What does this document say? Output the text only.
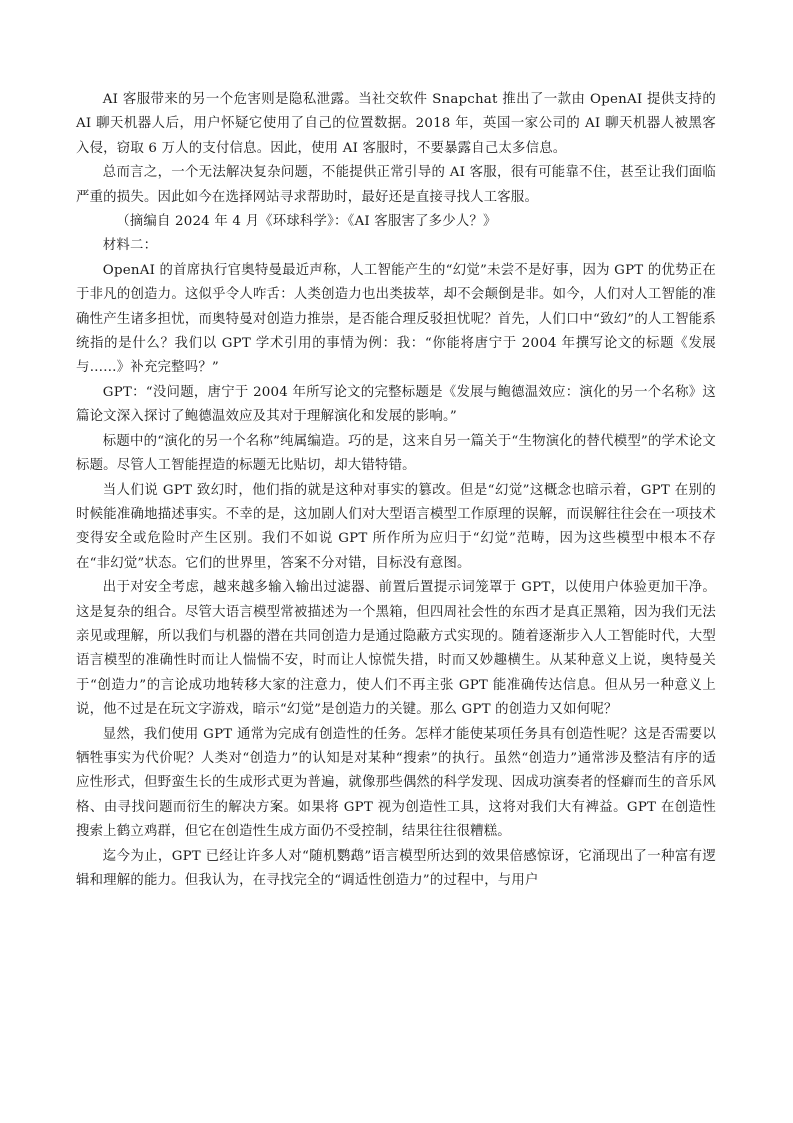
AI 客服带来的另一个危害则是隐私泄露。当社交软件 Snapchat 推出了一款由 OpenAI 提供支持的 AI 聊天机器人后，用户怀疑它使用了自己的位置数据。2018 年，英国一家公司的 AI 聊天机器人被黑客入侵，窃取 6 万人的支付信息。因此，使用 AI 客服时，不要暴露自己太多信息。

总而言之，一个无法解决复杂问题，不能提供正常引导的 AI 客服，很有可能靠不住，甚至让我们面临严重的损失。因此如今在选择网站寻求帮助时，最好还是直接寻找人工客服。

（摘编自 2024 年 4 月《环球科学》：《AI 客服害了多少人？》

材料二：

OpenAI 的首席执行官奥特曼最近声称，人工智能产生的“幻觉”未尝不是好事，因为 GPT 的优势正在于非凡的创造力。这似乎令人咋舌：人类创造力也出类拔萃，却不会颠倒是非。如今，人们对人工智能的准确性产生诸多担忧，而奥特曼对创造力推崇，是否能合理反驳担忧呢？首先，人们口中“致幻”的人工智能系统指的是什么？我们以 GPT 学术引用的事情为例：我：“你能将唐宁于 2004 年撰写论文的标题《发展与……》补充完整吗？”

GPT：“没问题，唐宁于 2004 年所写论文的完整标题是《发展与鲍德温效应：演化的另一个名称》这篇论文深入探讨了鲍德温效应及其对于理解演化和发展的影响。”

标题中的“演化的另一个名称”纯属编造。巧的是，这来自另一篇关于“生物演化的替代模型”的学术论文标题。尽管人工智能捏造的标题无比贴切，却大错特错。

当人们说 GPT 致幻时，他们指的就是这种对事实的篡改。但是“幻觉”这概念也暗示着，GPT 在别的时候能准确地描述事实。不幸的是，这加剧人们对大型语言模型工作原理的误解，而误解往往会在一项技术变得安全或危险时产生区别。我们不如说 GPT 所作所为应归于“幻觉”范畴，因为这些模型中根本不存在“非幻觉”状态。它们的世界里，答案不分对错，目标没有意图。

出于对安全考虑，越来越多输入输出过滤器、前置后置提示词笼罩于 GPT，以使用户体验更加干净。这是复杂的组合。尽管大语言模型常被描述为一个黑箱，但四周社会性的东西才是真正黑箱，因为我们无法亲见或理解，所以我们与机器的潜在共同创造力是通过隐蔽方式实现的。随着逐渐步入人工智能时代，大型语言模型的准确性时而让人惴惴不安，时而让人惊慌失措，时而又妙趣横生。从某种意义上说，奥特曼关于“创造力”的言论成功地转移大家的注意力，使人们不再主张 GPT 能准确传达信息。但从另一种意义上说，他不过是在玩文字游戏，暗示“幻觉”是创造力的关键。那么 GPT 的创造力又如何呢？

显然，我们使用 GPT 通常为完成有创造性的任务。怎样才能使某项任务具有创造性呢？这是否需要以牺牲事实为代价呢？人类对“创造力”的认知是对某种“搜索”的执行。虽然“创造力”通常涉及整洁有序的适应性形式，但野蛮生长的生成形式更为普遍，就像那些偶然的科学发现、因成功演奏者的怪癖而生的音乐风格、由寻找问题而衍生的解决方案。如果将 GPT 视为创造性工具，这将对我们大有裨益。GPT 在创造性搜索上鹤立鸡群，但它在创造性生成方面仍不受控制，结果往往很糟糕。

迄今为止，GPT 已经让许多人对“随机鹦鹉”语言模型所达到的效果倍感惊讶，它涌现出了一种富有逻辑和理解的能力。但我认为，在寻找完全的“调适性创造力”的过程中，与用户
